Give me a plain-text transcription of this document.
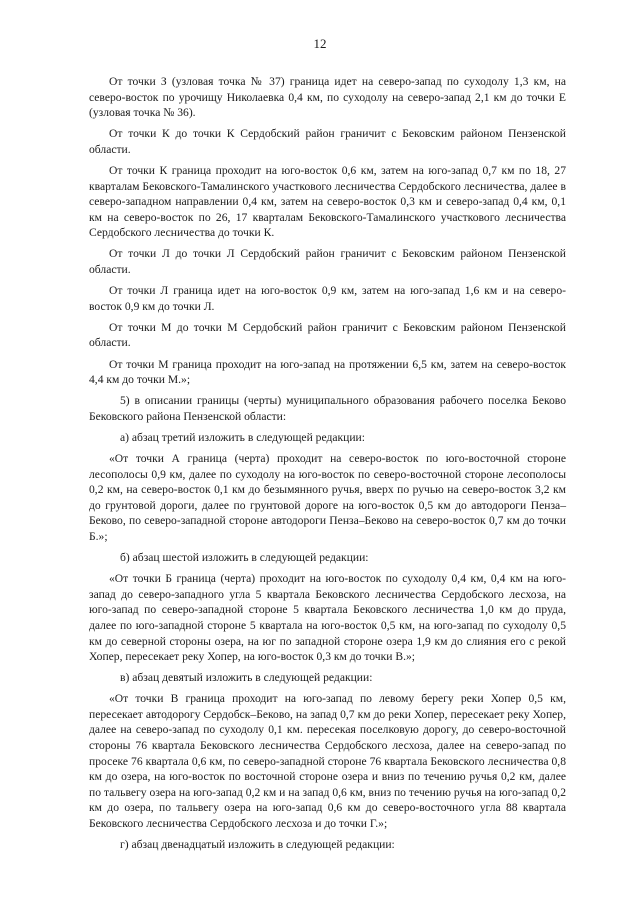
12

От точки З (узловая точка № 37) граница идет на северо-запад по суходолу 1,3 км, на северо-восток по урочищу Николаевка 0,4 км, по суходолу на северо-запад 2,1 км до точки Е (узловая точка № 36).

От точки К до точки К Сердобский район граничит с Бековским районом Пензенской области.

От точки К граница проходит на юго-восток 0,6 км, затем на юго-запад 0,7 км по 18, 27 кварталам Бековского-Тамалинского участкового лесничества Сердобского лесничества, далее в северо-западном направлении 0,4 км, затем на северо-восток 0,3 км и северо-запад 0,4 км, 0,1 км на северо-восток по 26, 17 кварталам Бековского-Тамалинского участкового лесничества Сердобского лесничества до точки К.

От точки Л до точки Л Сердобский район граничит с Бековским районом Пензенской области.

От точки Л граница идет на юго-восток 0,9 км, затем на юго-запад 1,6 км и на северо-восток 0,9 км до точки Л.

От точки М до точки М Сердобский район граничит с Бековским районом Пензенской области.

От точки М граница проходит на юго-запад на протяжении 6,5 км, затем на северо-восток 4,4 км до точки М.»;

5) в описании границы (черты) муниципального образования рабочего поселка Беково Бековского района Пензенской области:

а) абзац третий изложить в следующей редакции:

«От точки А граница (черта) проходит на северо-восток по юго-восточной стороне лесополосы 0,9 км, далее по суходолу на юго-восток по северо-восточной стороне лесополосы 0,2 км, на северо-восток 0,1 км до безымянного ручья, вверх по ручью на северо-восток 3,2 км до грунтовой дороги, далее по грунтовой дороге на юго-восток 0,5 км до автодороги Пенза–Беково, по северо-западной стороне автодороги Пенза–Беково на северо-восток 0,7 км до точки Б.»;

б) абзац шестой изложить в следующей редакции:

«От точки Б граница (черта) проходит на юго-восток по суходолу 0,4 км, 0,4 км на юго-запад до северо-западного угла 5 квартала Бековского лесничества Сердобского лесхоза, на юго-запад по северо-западной стороне 5 квартала Бековского лесничества 1,0 км до пруда, далее по юго-западной стороне 5 квартала на юго-восток 0,5 км, на юго-запад по суходолу 0,5 км до северной стороны озера, на юг по западной стороне озера 1,9 км до слияния его с рекой Хопер, пересекает реку Хопер, на юго-восток 0,3 км до точки В.»;

в) абзац девятый изложить в следующей редакции:

«От точки В граница проходит на юго-запад по левому берегу реки Хопер 0,5 км, пересекает автодорогу Сердобск–Беково, на запад 0,7 км до реки Хопер, пересекает реку Хопер, далее на северо-запад по суходолу 0,1 км. пересекая поселковую дорогу, до северо-восточной стороны 76 квартала Бековского лесничества Сердобского лесхоза, далее на северо-запад по просеке 76 квартала 0,6 км, по северо-западной стороне 76 квартала Бековского лесничества 0,8 км до озера, на юго-восток по восточной стороне озера и вниз по течению ручья 0,2 км, далее по тальвегу озера на юго-запад 0,2 км и на запад 0,6 км, вниз по течению ручья на юго-запад 0,2 км до озера, по тальвегу озера на юго-запад 0,6 км до северо-восточного угла 88 квартала Бековского лесничества Сердобского лесхоза и до точки Г.»;

г) абзац двенадцатый изложить в следующей редакции:
